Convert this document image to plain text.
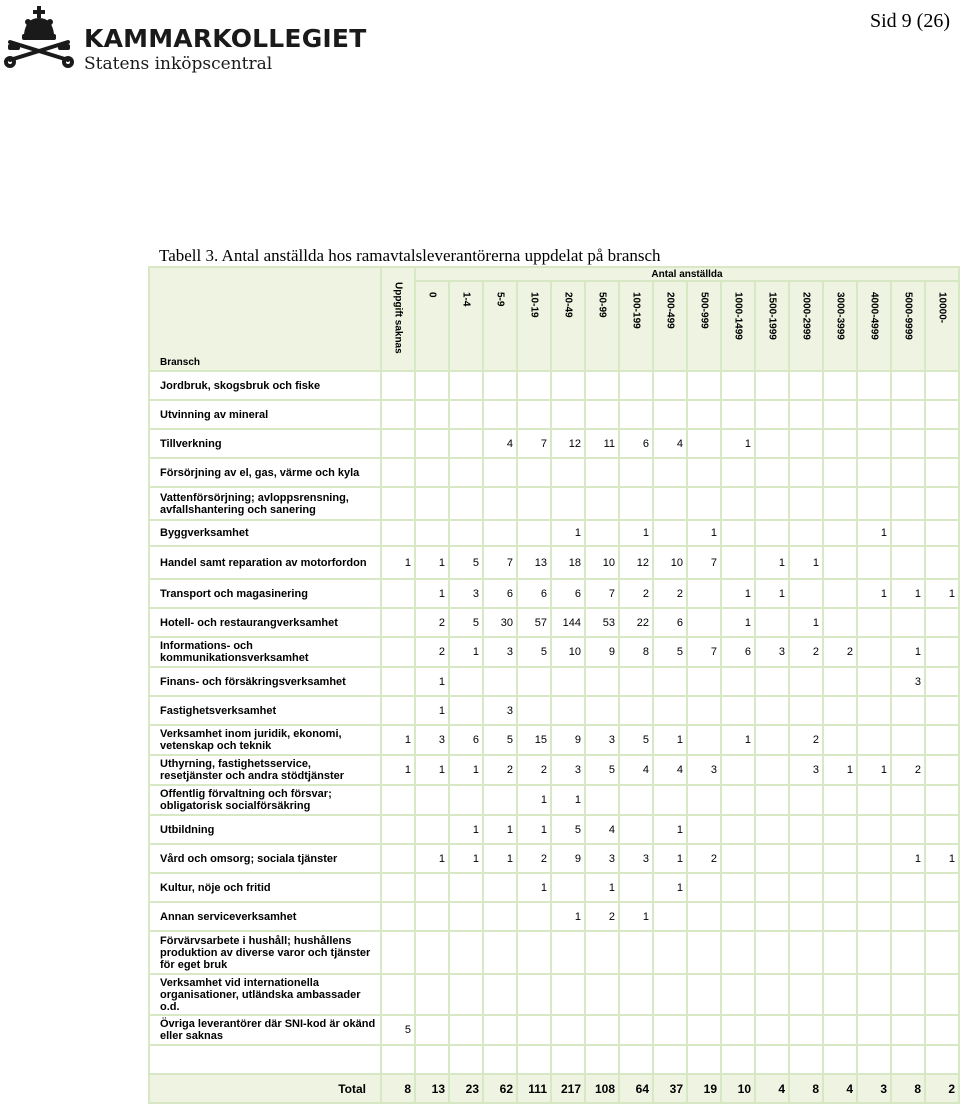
KAMMARKOLLEGIET
Statens inköpscentral
Sid 9 (26)
Tabell 3. Antal anställda hos ramavtalsleverantörerna uppdelat på bransch
Bransch	Uppgift saknas	Antal anställda															
		0	1-4	5-9	10-19	20-49	50-99	100-199	200-499	500-999	1000-1499	1500-1999	2000-2999	3000-3999	4000-4999	5000-9999	10000-
Jordbruk, skogsbruk och fiske																	
Utvinning av mineral																	
Tillverkning				4	7	12	11	6	4		1						
Försörjning av el, gas, värme och kyla																	
Vattenförsörjning; avloppsrensning, avfallshantering och sanering																	
Byggverksamhet						1		1		1					1		
Handel samt reparation av motorfordon	1	1	5	7	13	18	10	12	10	7		1	1				
Transport och magasinering		1	3	6	6	6	7	2	2		1	1			1	1	1
Hotell- och restaurangverksamhet		2	5	30	57	144	53	22	6		1		1				
Informations- och kommunikationsverksamhet		2	1	3	5	10	9	8	5	7	6	3	2	2		1	
Finans- och försäkringsverksamhet		1														3	
Fastighetsverksamhet		1		3													
Verksamhet inom juridik, ekonomi, vetenskap och teknik	1	3	6	5	15	9	3	5	1		1		2				
Uthyrning, fastighetsservice, resetjänster och andra stödtjänster	1	1	1	2	2	3	5	4	4	3			3	1	1	2	
Offentlig förvaltning och försvar; obligatorisk socialförsäkring					1	1											
Utbildning			1	1	1	5	4		1								
Vård och omsorg; sociala tjänster		1	1	1	2	9	3	3	1	2						1	1
Kultur, nöje och fritid					1		1		1								
Annan serviceverksamhet						1	2	1									
Förvärvsarbete i hushåll; hushållens produktion av diverse varor och tjänster för eget bruk																	
Verksamhet vid internationella organisationer, utländska ambassader o.d.																	
Övriga leverantörer där SNI-kod är okänd eller saknas	5																

Total	8	13	23	62	111	217	108	64	37	19	10	4	8	4	3	8	2
